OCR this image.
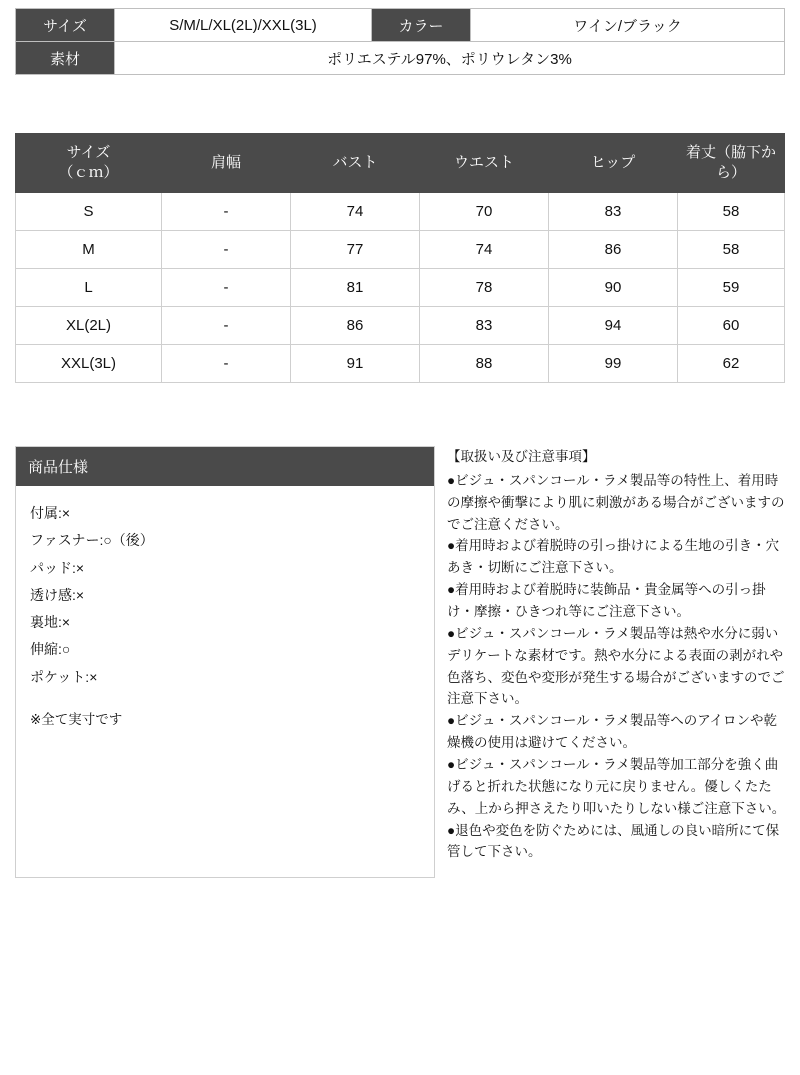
サイズ	S/M/L/XL(2L)/XXL(3L)	カラー	ワイン/ブラック
素材	ポリエステル97%、ポリウレタン3%		
サイズ
（ｃｍ）	肩幅	バスト	ウエスト	ヒップ	着丈（脇下から）
S	-	74	70	83	58
M	-	77	74	86	58
L	-	81	78	90	59
XL(2L)	-	86	83	94	60
XXL(3L)	-	91	88	99	62
商品仕様
付属:×
ファスナー:○（後）
パッド:×
透け感:×
裏地:×
伸縮:○
ポケット:×
※全て実寸です
【取扱い及び注意事項】

●ビジュ・スパンコール・ラメ製品等の特性上、着用時の摩擦や衝撃により肌に刺激がある場合がございますのでご注意ください。

●着用時および着脱時の引っ掛けによる生地の引き・穴あき・切断にご注意下さい。

●着用時および着脱時に装飾品・貴金属等への引っ掛け・摩擦・ひきつれ等にご注意下さい。

●ビジュ・スパンコール・ラメ製品等は熱や水分に弱いデリケートな素材です。熱や水分による表面の剥がれや色落ち、変色や変形が発生する場合がございますのでご注意下さい。

●ビジュ・スパンコール・ラメ製品等へのアイロンや乾燥機の使用は避けてください。

●ビジュ・スパンコール・ラメ製品等加工部分を強く曲げると折れた状態になり元に戻りません。優しくたたみ、上から押さえたり叩いたりしない様ご注意下さい。

●退色や変色を防ぐためには、風通しの良い暗所にて保管して下さい。
